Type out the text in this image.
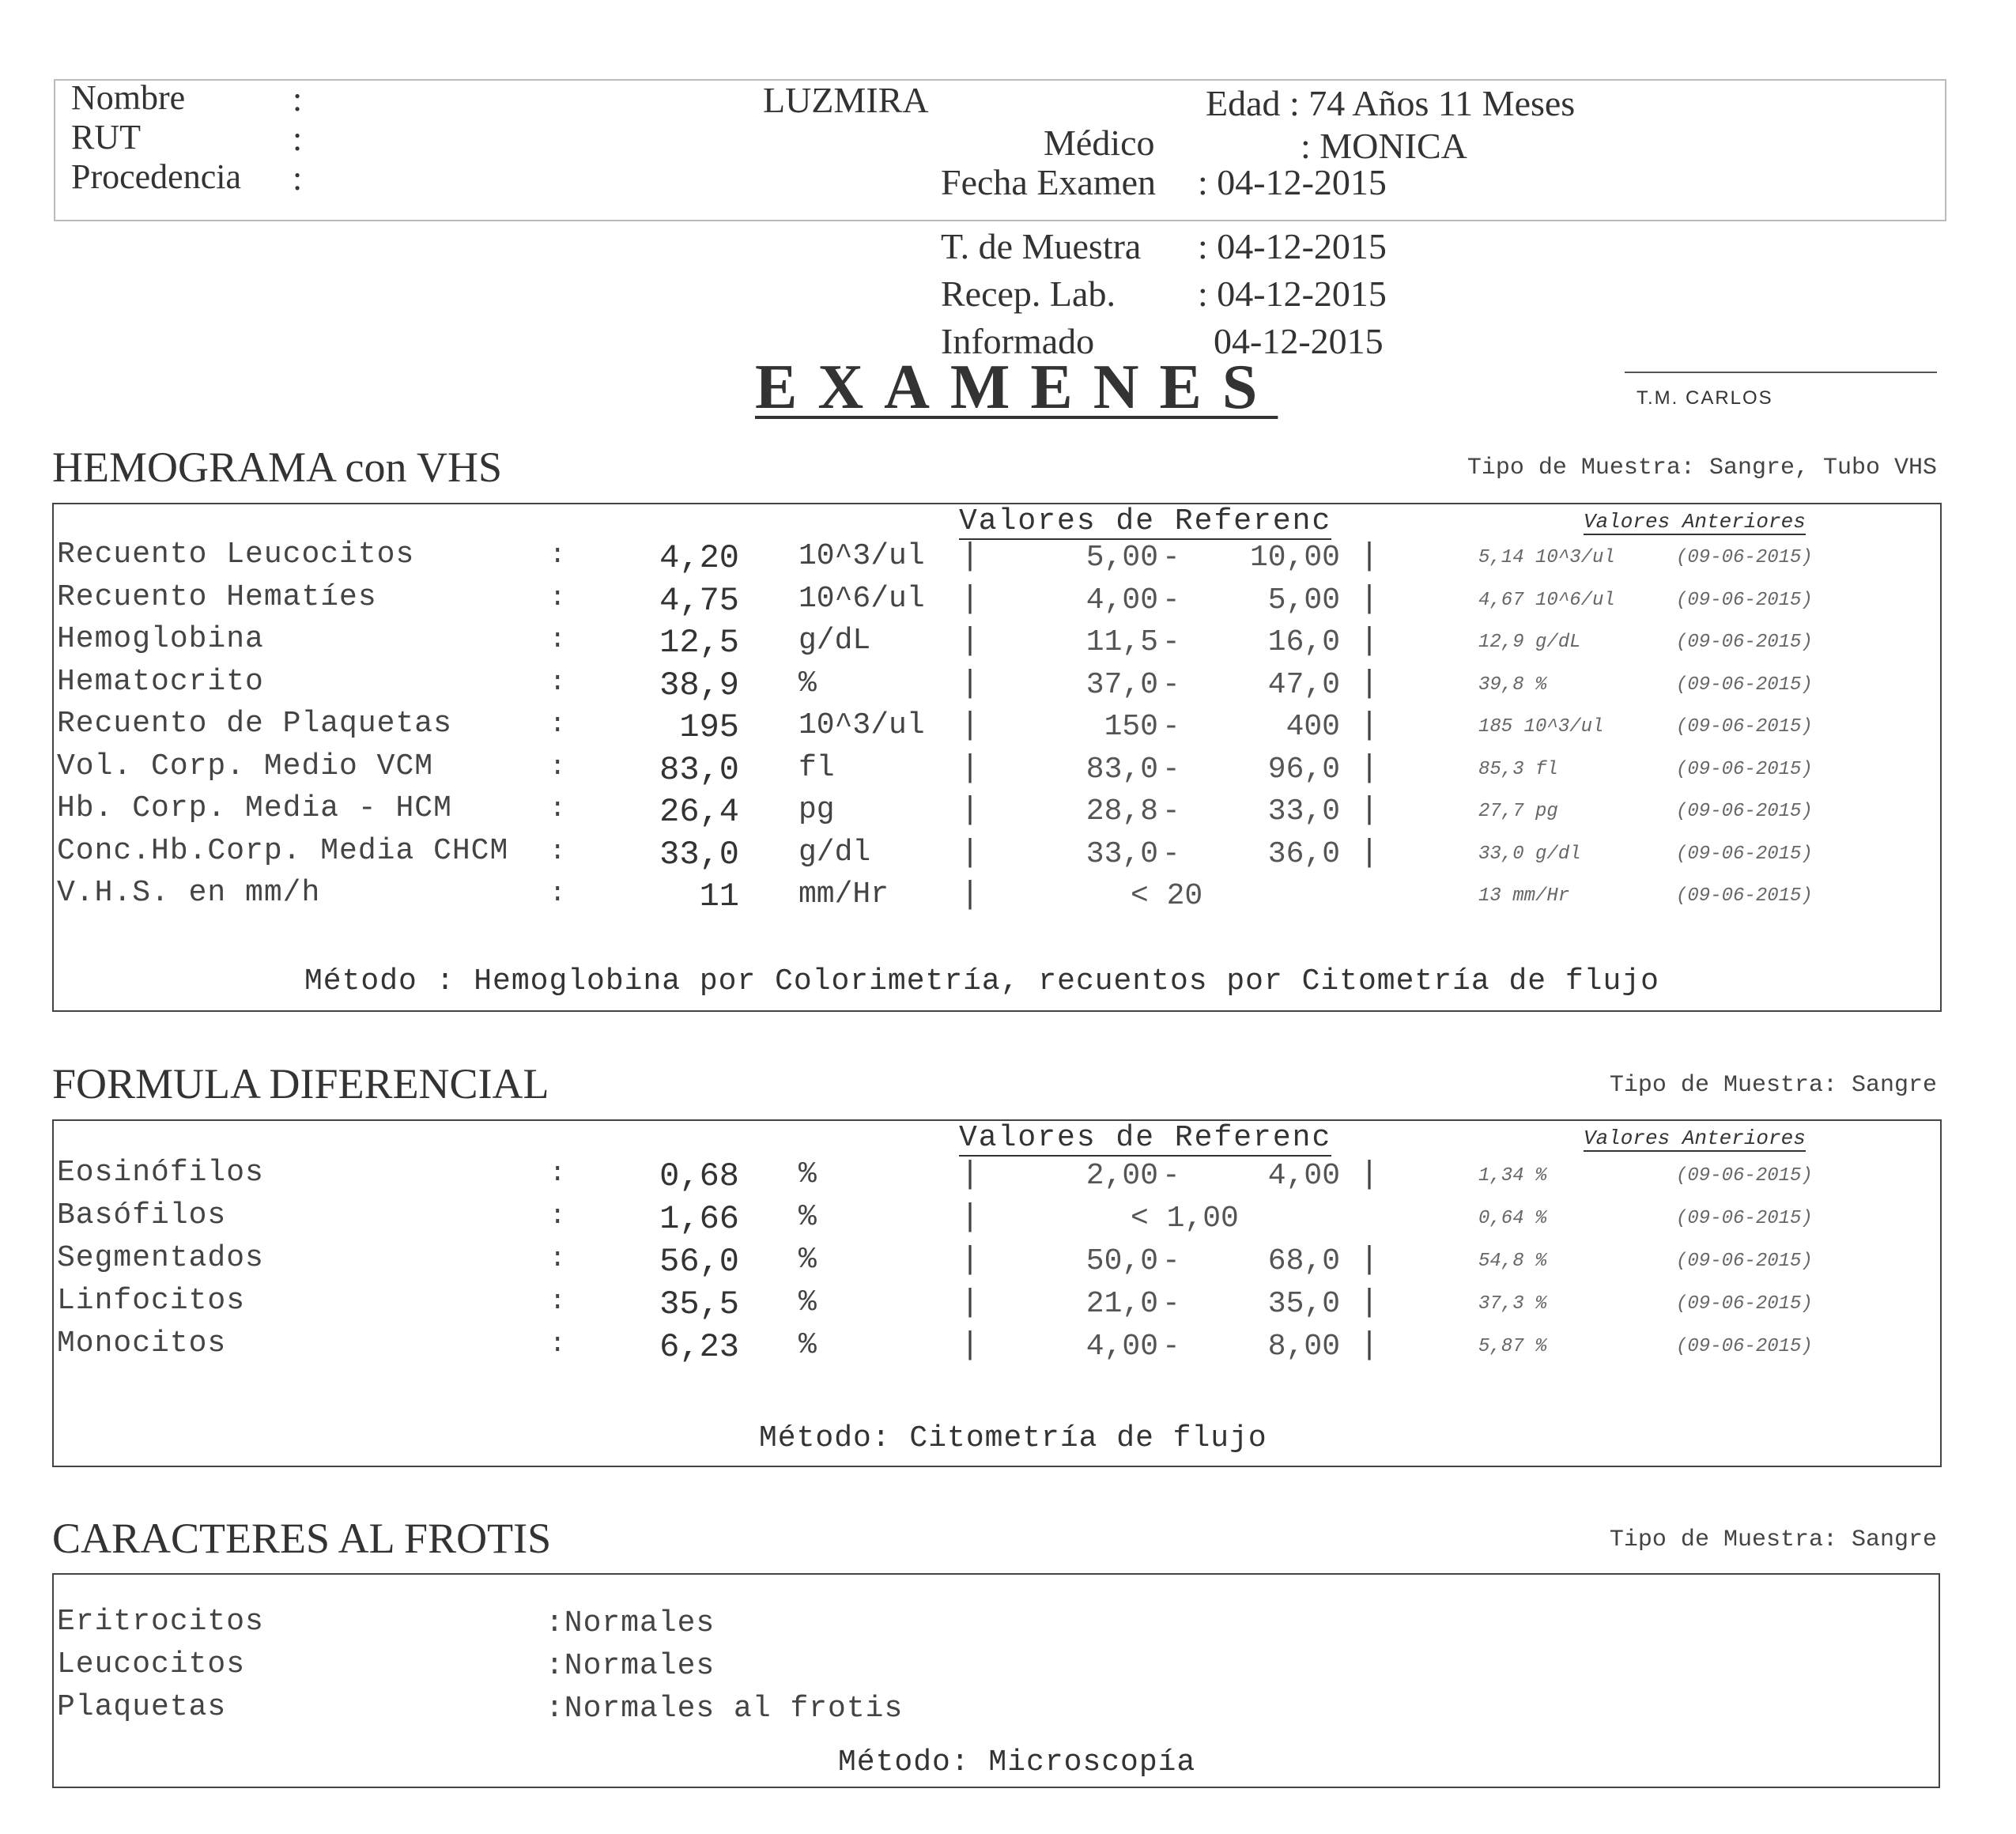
Nombre
RUT
Procedencia
:
:
:
LUZMIRA	Edad : 74 Años 11 Meses
Médico	: MONICA
Fecha Examen : 04-12-2015
T. de Muestra : 04-12-2015
Recep. Lab. : 04-12-2015
Informado	04-12-2015
EXAMENES	T.M. CARLOS
HEMOGRAMA con VHS	Tipo de Muestra: Sangre, Tubo VHS
Valores de Referenc	Valores Anteriores
Recuento Leucocitos	:	4,20 10^3/ul |	5,00 -	10,00 |	5,14 10^3/ul	(09-06-2015)
Recuento Hematíes	:	4,75 10^6/ul |	4,00 -	5,00 |	4,67 10^6/ul	(09-06-2015)
Hemoglobina	:	12,5 g/dL	|	11,5 -	16,0 |	12,9 g/dL	(09-06-2015)
Hematocrito	:	38,9 %	|	37,0 -	47,0 |	39,8 %	(09-06-2015)
Recuento de Plaquetas	:	195 10^3/ul |	150 -	400 |	185 10^3/ul	(09-06-2015)
Vol. Corp. Medio VCM	:	83,0 fl	|	83,0 -	96,0 |	85,3 fl	(09-06-2015)
Hb. Corp. Media - HCM	:	26,4 pg	|	28,8 -	33,0 |	27,7 pg	(09-06-2015)
Conc.Hb.Corp. Media CHCM :	33,0 g/dl	|	33,0 -	36,0 |	33,0 g/dl	(09-06-2015)
V.H.S. en mm/h	:	11 mm/Hr |	< 20	13 mm/Hr	(09-06-2015)
Método : Hemoglobina por Colorimetría, recuentos por Citometría de flujo
FORMULA DIFERENCIAL	Tipo de Muestra: Sangre
Valores de Referenc	Valores Anteriores
Eosinófilos	:	0,68 %	|	2,00 -	4,00 |	1,34 %	(09-06-2015)
Basófilos	:	1,66 %	|	< 1,00	0,64 %	(09-06-2015)
Segmentados	:	56,0 %	|	50,0 -	68,0 |	54,8 %	(09-06-2015)
Linfocitos	:	35,5 %	|	21,0 -	35,0 |	37,3 %	(09-06-2015)
Monocitos	:	6,23 %	|	4,00 -	8,00 |	5,87 %	(09-06-2015)
Método: Citometría de flujo
CARACTERES AL FROTIS	Tipo de Muestra: Sangre
Eritrocitos	:Normales
Leucocitos	:Normales
Plaquetas	:Normales al frotis
Método: Microscopía
